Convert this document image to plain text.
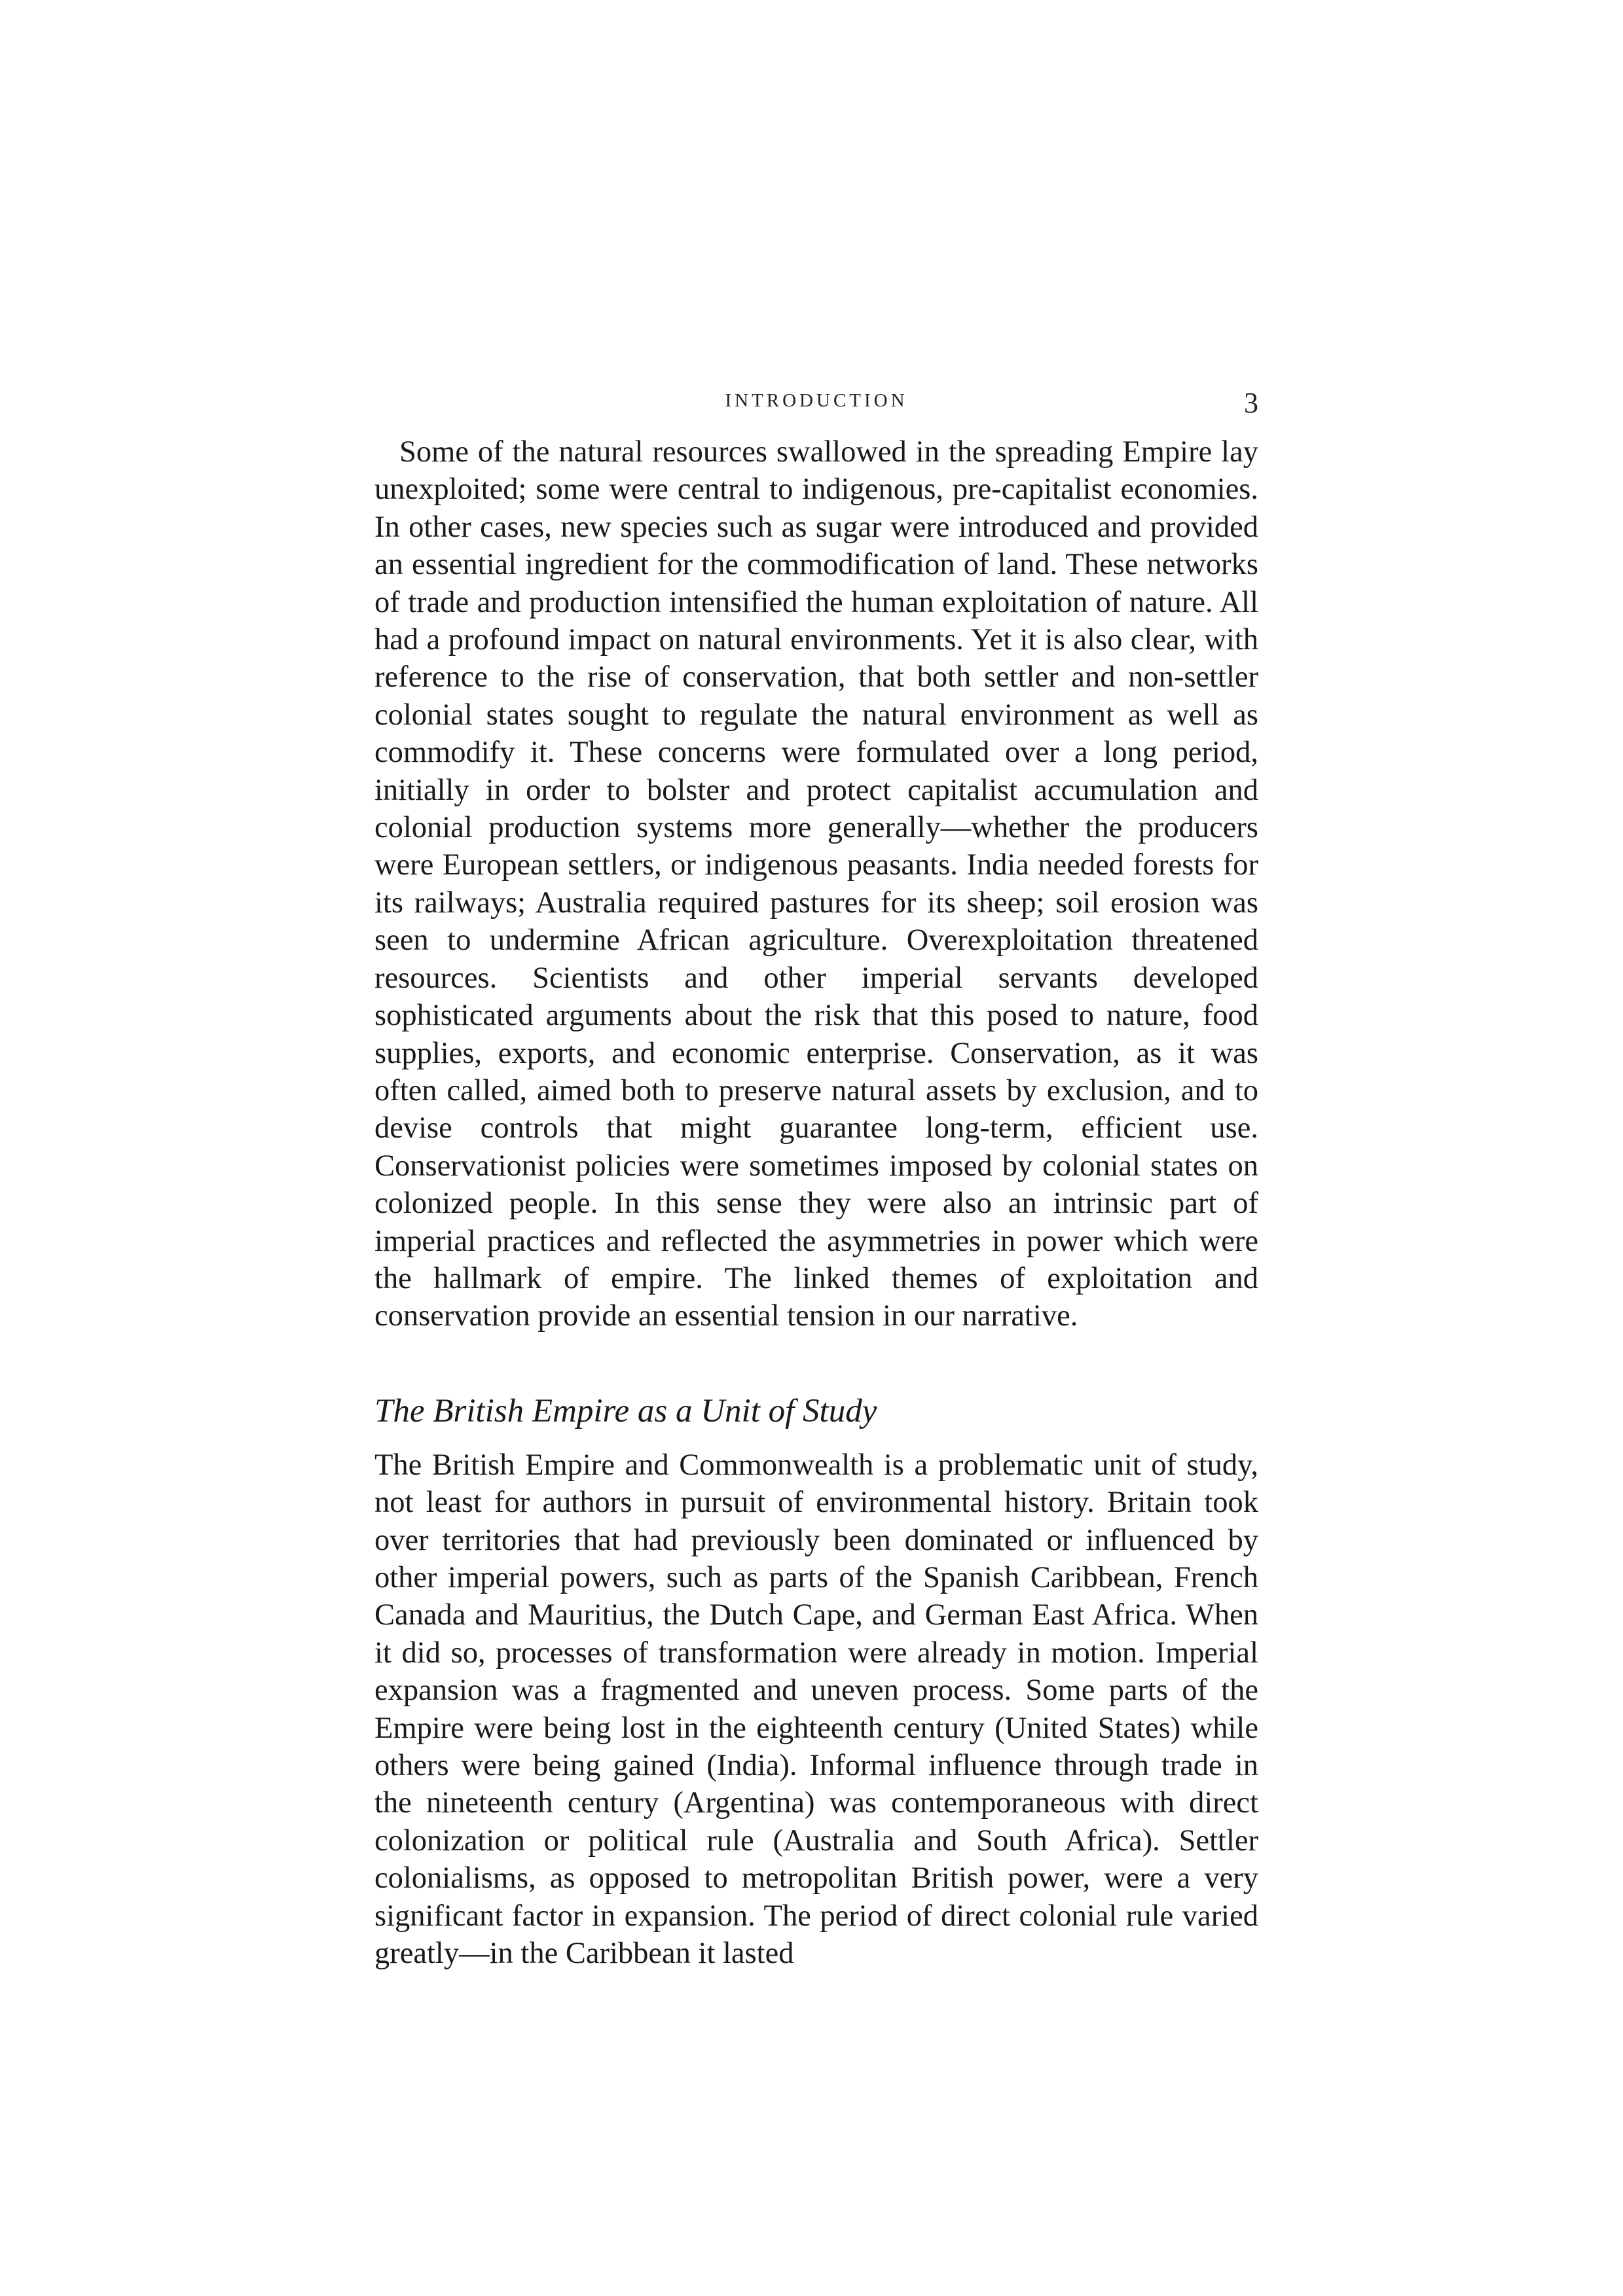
INTRODUCTION	3

Some of the natural resources swallowed in the spreading Empire lay unexploited; some were central to indigenous, pre-capitalist economies. In other cases, new species such as sugar were introduced and provided an essential ingredient for the commodification of land. These networks of trade and production intensified the human exploitation of nature. All had a profound impact on natural environments. Yet it is also clear, with reference to the rise of conservation, that both settler and non-settler colonial states sought to regulate the natural environment as well as commodify it. These concerns were formulated over a long period, initially in order to bolster and protect capitalist accumulation and colonial production systems more generally—whether the producers were European settlers, or indigenous peasants. India needed forests for its railways; Australia required pastures for its sheep; soil erosion was seen to undermine African agriculture. Overexploitation threatened resources. Scientists and other imperial servants developed sophisticated arguments about the risk that this posed to nature, food supplies, exports, and economic enterprise. Conservation, as it was often called, aimed both to preserve natural assets by exclusion, and to devise controls that might guarantee long-term, efficient use. Conservationist policies were sometimes imposed by colonial states on colonized people. In this sense they were also an intrinsic part of imperial practices and reflected the asymmetries in power which were the hallmark of empire. The linked themes of exploitation and conservation provide an essential tension in our narrative.

The British Empire as a Unit of Study

The British Empire and Commonwealth is a problematic unit of study, not least for authors in pursuit of environmental history. Britain took over territories that had previously been dominated or influenced by other imperial powers, such as parts of the Spanish Caribbean, French Canada and Mauritius, the Dutch Cape, and German East Africa. When it did so, processes of transformation were already in motion. Imperial expansion was a fragmented and uneven process. Some parts of the Empire were being lost in the eighteenth century (United States) while others were being gained (India). Informal influence through trade in the nineteenth century (Argentina) was contemporaneous with direct colonization or political rule (Australia and South Africa). Settler colonialisms, as opposed to metropolitan British power, were a very significant factor in expansion. The period of direct colonial rule varied greatly—in the Caribbean it lasted
